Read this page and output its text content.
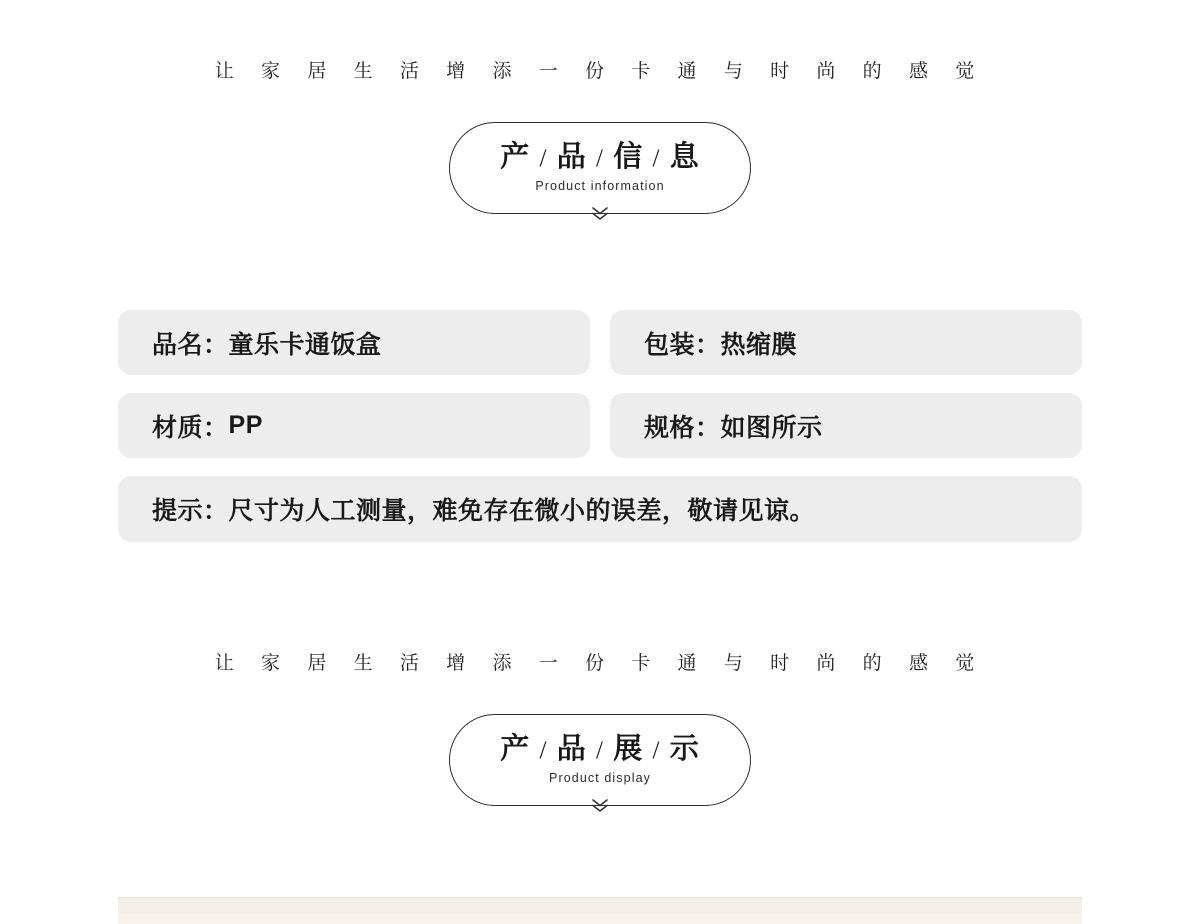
让 家 居 生 活 增 添 一 份 卡 通 与 时 尚 的 感 觉
产 / 品 / 信 / 息
Product information
品名： 童乐卡通饭盒	包装： 热缩膜
材质： PP	规格： 如图所示
提示： 尺寸为人工测量，难免存在微小的误差，敬请见谅。
让 家 居 生 活 增 添 一 份 卡 通 与 时 尚 的 感 觉
产 / 品 / 展 / 示
Product display
